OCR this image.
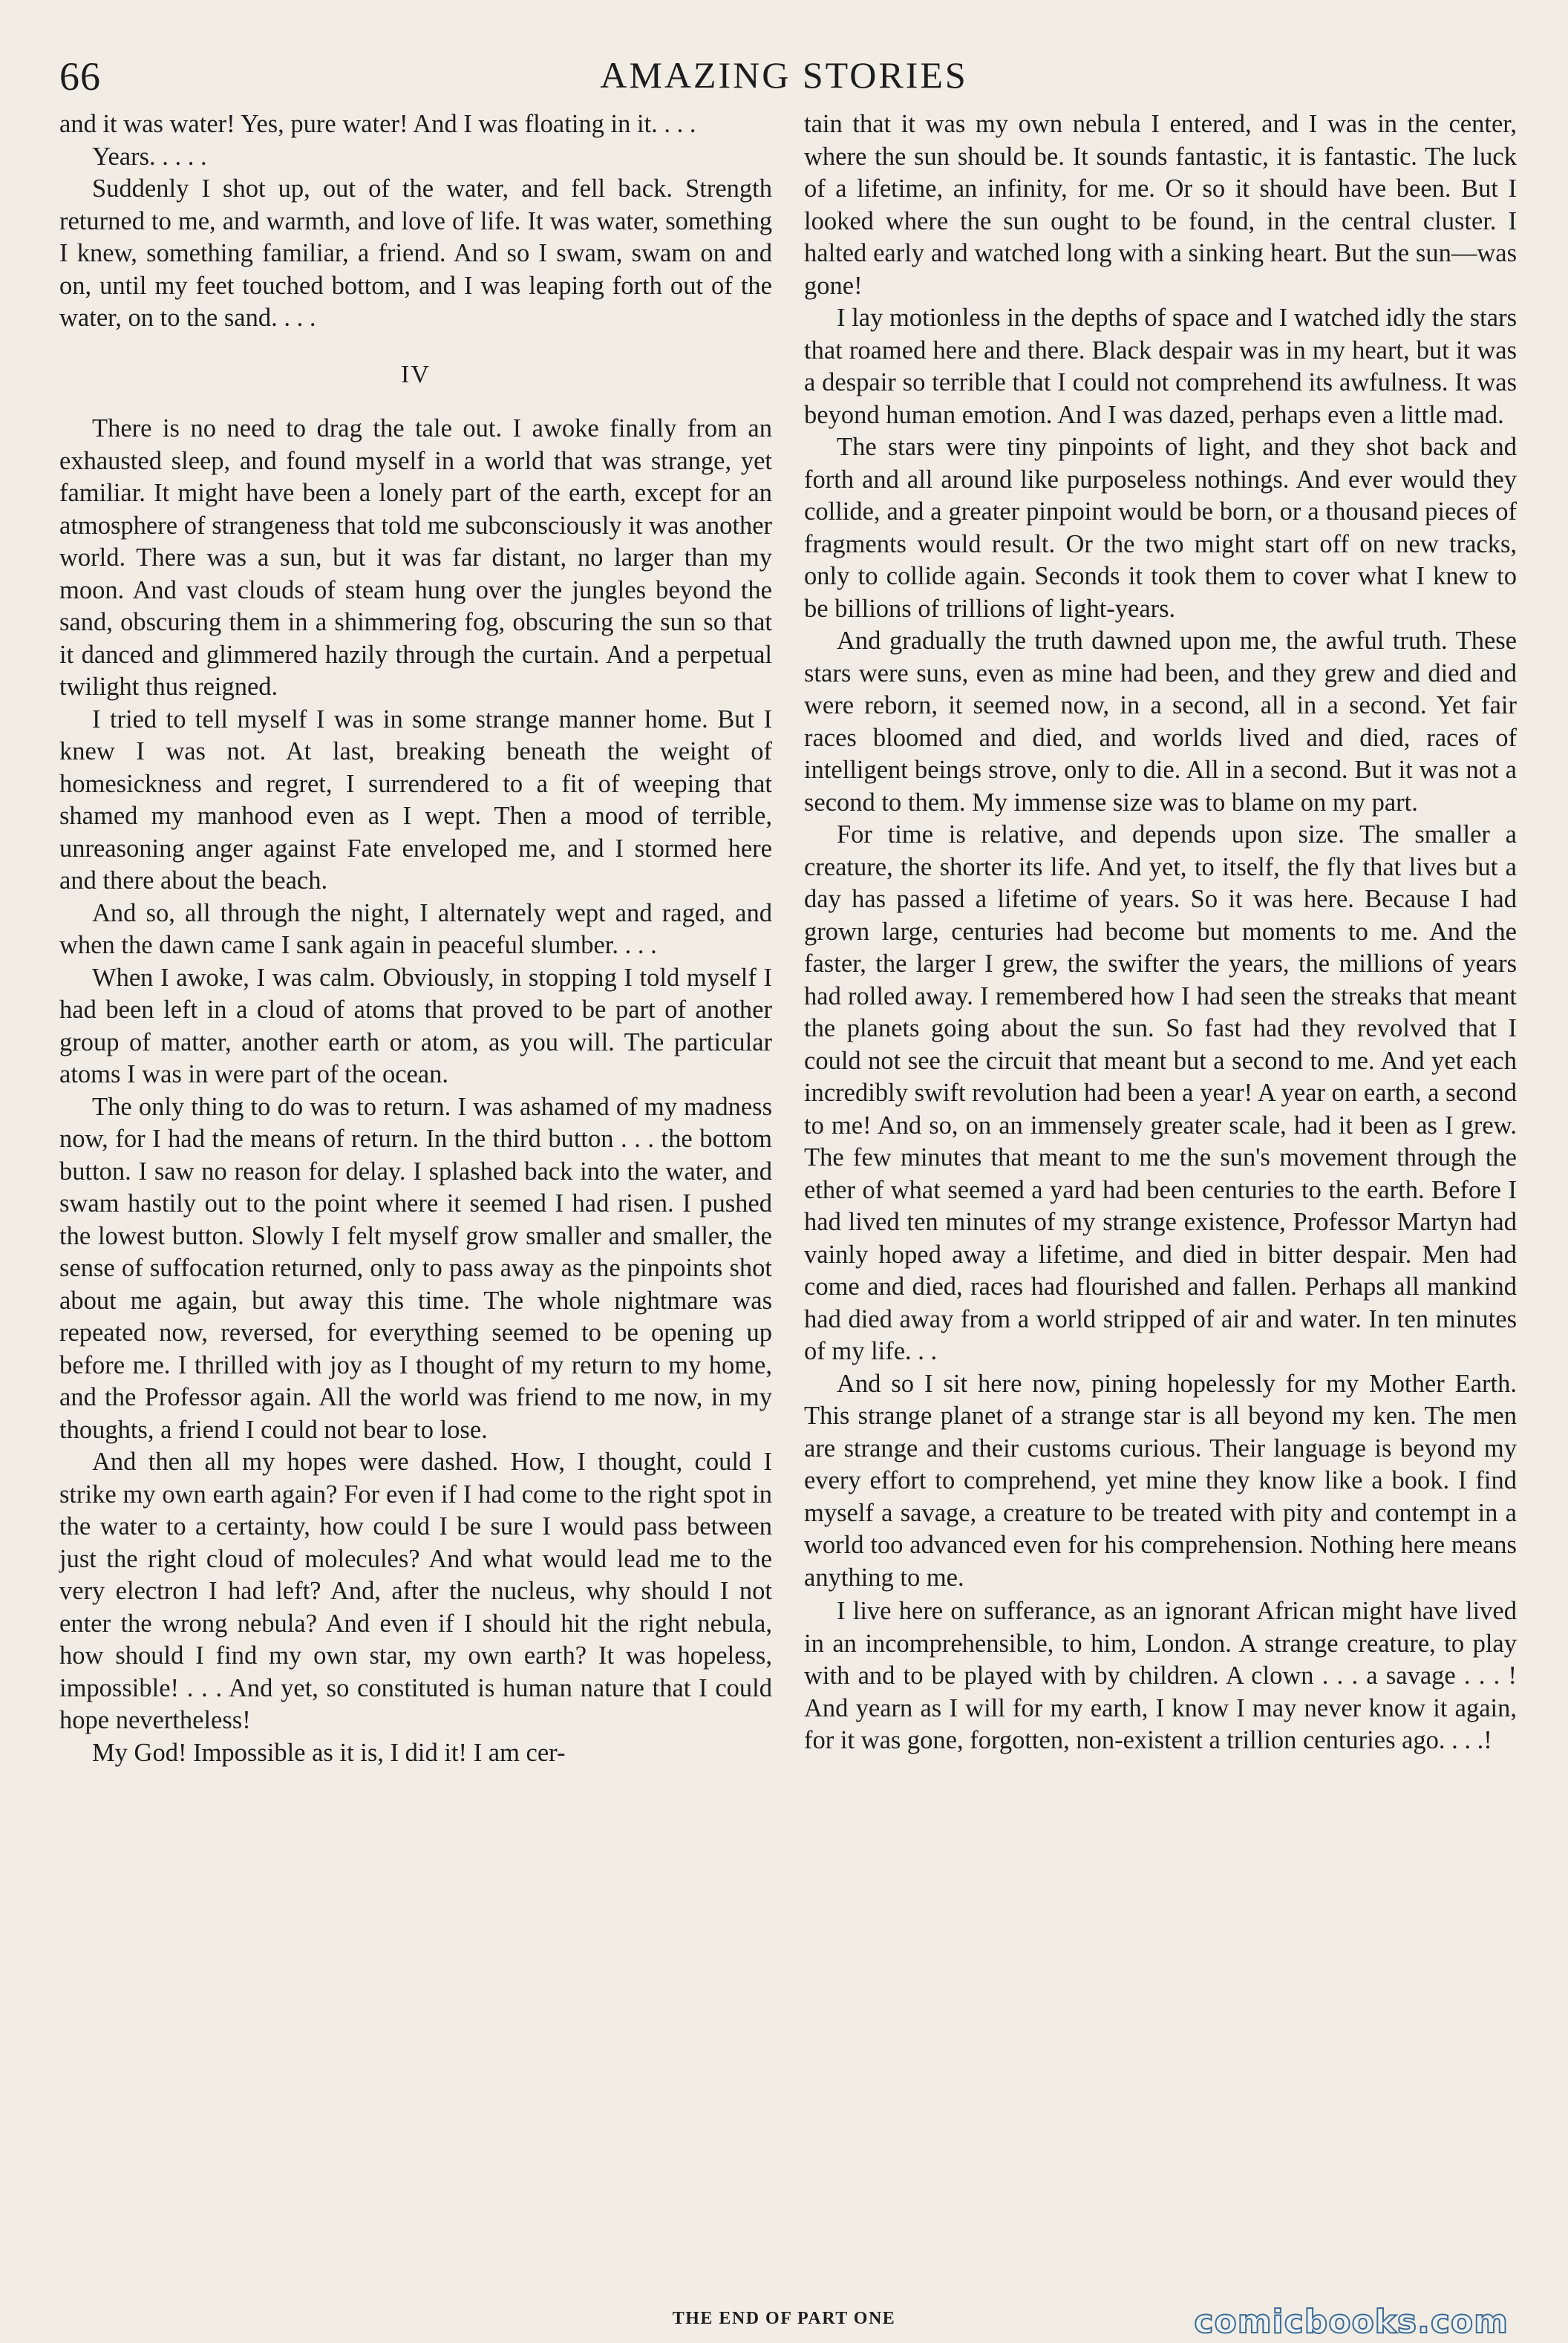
66	AMAZING STORIES

and it was water! Yes, pure water! And I was floating in it. . . .

Years. . . . .

Suddenly I shot up, out of the water, and fell back. Strength returned to me, and warmth, and love of life. It was water, something I knew, something familiar, a friend. And so I swam, swam on and on, until my feet touched bottom, and I was leaping forth out of the water, on to the sand. . . .

IV

There is no need to drag the tale out. I awoke finally from an exhausted sleep, and found myself in a world that was strange, yet familiar. It might have been a lonely part of the earth, except for an atmosphere of strangeness that told me subconsciously it was another world. There was a sun, but it was far distant, no larger than my moon. And vast clouds of steam hung over the jungles beyond the sand, obscuring them in a shimmering fog, obscuring the sun so that it danced and glimmered hazily through the curtain. And a perpetual twilight thus reigned.

I tried to tell myself I was in some strange manner home. But I knew I was not. At last, breaking beneath the weight of homesickness and regret, I surrendered to a fit of weeping that shamed my manhood even as I wept. Then a mood of terrible, unreasoning anger against Fate enveloped me, and I stormed here and there about the beach.

And so, all through the night, I alternately wept and raged, and when the dawn came I sank again in peaceful slumber. . . .

When I awoke, I was calm. Obviously, in stopping I told myself I had been left in a cloud of atoms that proved to be part of another group of matter, another earth or atom, as you will. The particular atoms I was in were part of the ocean.

The only thing to do was to return. I was ashamed of my madness now, for I had the means of return. In the third button . . . the bottom button. I saw no reason for delay. I splashed back into the water, and swam hastily out to the point where it seemed I had risen. I pushed the lowest button. Slowly I felt myself grow smaller and smaller, the sense of suffocation returned, only to pass away as the pinpoints shot about me again, but away this time. The whole nightmare was repeated now, reversed, for everything seemed to be opening up before me. I thrilled with joy as I thought of my return to my home, and the Professor again. All the world was friend to me now, in my thoughts, a friend I could not bear to lose.

And then all my hopes were dashed. How, I thought, could I strike my own earth again? For even if I had come to the right spot in the water to a certainty, how could I be sure I would pass between just the right cloud of molecules? And what would lead me to the very electron I had left? And, after the nucleus, why should I not enter the wrong nebula? And even if I should hit the right nebula, how should I find my own star, my own earth? It was hopeless, impossible! . . . And yet, so constituted is human nature that I could hope nevertheless!

My God! Impossible as it is, I did it! I am cer-

tain that it was my own nebula I entered, and I was in the center, where the sun should be. It sounds fantastic, it is fantastic. The luck of a lifetime, an infinity, for me. Or so it should have been. But I looked where the sun ought to be found, in the central cluster. I halted early and watched long with a sinking heart. But the sun—was gone!

I lay motionless in the depths of space and I watched idly the stars that roamed here and there. Black despair was in my heart, but it was a despair so terrible that I could not comprehend its awfulness. It was beyond human emotion. And I was dazed, perhaps even a little mad.

The stars were tiny pinpoints of light, and they shot back and forth and all around like purposeless nothings. And ever would they collide, and a greater pinpoint would be born, or a thousand pieces of fragments would result. Or the two might start off on new tracks, only to collide again. Seconds it took them to cover what I knew to be billions of trillions of light-years.

And gradually the truth dawned upon me, the awful truth. These stars were suns, even as mine had been, and they grew and died and were reborn, it seemed now, in a second, all in a second. Yet fair races bloomed and died, and worlds lived and died, races of intelligent beings strove, only to die. All in a second. But it was not a second to them. My immense size was to blame on my part.

For time is relative, and depends upon size. The smaller a creature, the shorter its life. And yet, to itself, the fly that lives but a day has passed a lifetime of years. So it was here. Because I had grown large, centuries had become but moments to me. And the faster, the larger I grew, the swifter the years, the millions of years had rolled away. I remembered how I had seen the streaks that meant the planets going about the sun. So fast had they revolved that I could not see the circuit that meant but a second to me. And yet each incredibly swift revolution had been a year! A year on earth, a second to me! And so, on an immensely greater scale, had it been as I grew. The few minutes that meant to me the sun's movement through the ether of what seemed a yard had been centuries to the earth. Before I had lived ten minutes of my strange existence, Professor Martyn had vainly hoped away a lifetime, and died in bitter despair. Men had come and died, races had flourished and fallen. Perhaps all mankind had died away from a world stripped of air and water. In ten minutes of my life. . .

And so I sit here now, pining hopelessly for my Mother Earth. This strange planet of a strange star is all beyond my ken. The men are strange and their customs curious. Their language is beyond my every effort to comprehend, yet mine they know like a book. I find myself a savage, a creature to be treated with pity and contempt in a world too advanced even for his comprehension. Nothing here means anything to me.

I live here on sufferance, as an ignorant African might have lived in an incomprehensible, to him, London. A strange creature, to play with and to be played with by children. A clown . . . a savage . . . ! And yearn as I will for my earth, I know I may never know it again, for it was gone, forgotten, non-existent a trillion centuries ago. . . .!

THE END OF PART ONE	comicbooks.com
